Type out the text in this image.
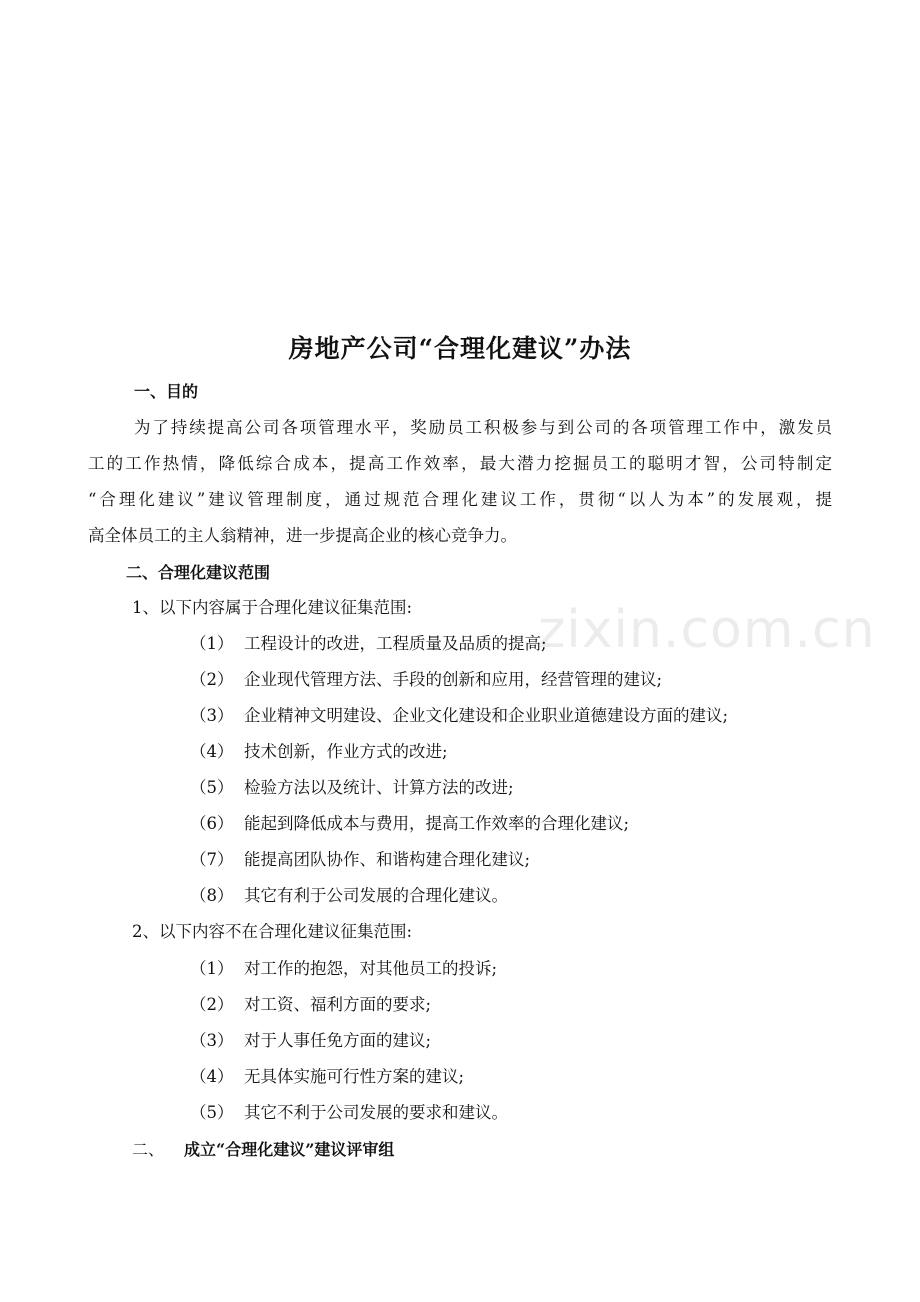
zixin.com.cn
房地产公司“合理化建议”办法
一、目的
为了持续提高公司各项管理水平，奖励员工积极参与到公司的各项管理工作中，激发员
工的工作热情，降低综合成本，提高工作效率，最大潜力挖掘员工的聪明才智，公司特制定
“合理化建议”建议管理制度，通过规范合理化建议工作，贯彻“以人为本”的发展观，提
高全体员工的主人翁精神，进一步提高企业的核心竞争力。
二、合理化建议范围
1、以下内容属于合理化建议征集范围:
（1） 工程设计的改进，工程质量及品质的提高;
（2） 企业现代管理方法、手段的创新和应用，经营管理的建议;
（3） 企业精神文明建设、企业文化建设和企业职业道德建设方面的建议;
（4） 技术创新，作业方式的改进;
（5） 检验方法以及统计、计算方法的改进;
（6） 能起到降低成本与费用，提高工作效率的合理化建议;
（7） 能提高团队协作、和谐构建合理化建议;
（8） 其它有利于公司发展的合理化建议。
2、以下内容不在合理化建议征集范围:
（1） 对工作的抱怨，对其他员工的投诉;
（2） 对工资、福利方面的要求;
（3） 对于人事任免方面的建议;
（4） 无具体实施可行性方案的建议;
（5） 其它不利于公司发展的要求和建议。
二、 成立“合理化建议”建议评审组
